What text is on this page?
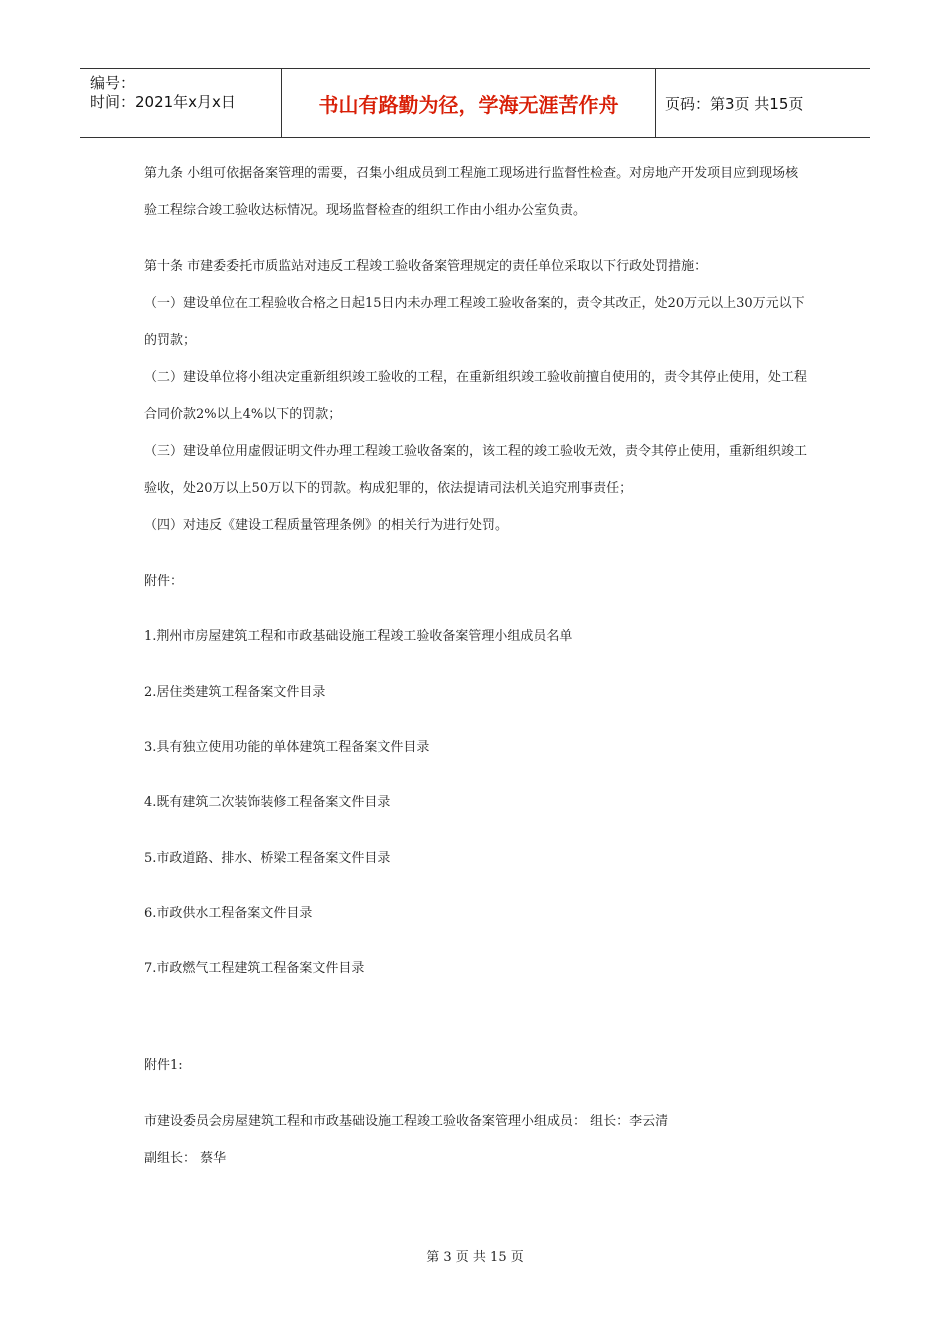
编号：
时间：2021年x月x日	书山有路勤为径，学海无涯苦作舟	页码：第3页 共15页
第九条 小组可依据备案管理的需要，召集小组成员到工程施工现场进行监督性检查。对房地产开发项目应到现场核验工程综合竣工验收达标情况。现场监督检查的组织工作由小组办公室负责。
第十条 市建委委托市质监站对违反工程竣工验收备案管理规定的责任单位采取以下行政处罚措施：
（一）建设单位在工程验收合格之日起15日内未办理工程竣工验收备案的，责令其改正，处20万元以上30万元以下的罚款；
（二）建设单位将小组决定重新组织竣工验收的工程，在重新组织竣工验收前擅自使用的，责令其停止使用，处工程合同价款2%以上4%以下的罚款；
（三）建设单位用虚假证明文件办理工程竣工验收备案的，该工程的竣工验收无效，责令其停止使用，重新组织竣工验收，处20万以上50万以下的罚款。构成犯罪的，依法提请司法机关追究刑事责任；
（四）对违反《建设工程质量管理条例》的相关行为进行处罚。
附件：
1.荆州市房屋建筑工程和市政基础设施工程竣工验收备案管理小组成员名单
2.居住类建筑工程备案文件目录
3.具有独立使用功能的单体建筑工程备案文件目录
4.既有建筑二次装饰装修工程备案文件目录
5.市政道路、排水、桥梁工程备案文件目录
6.市政供水工程备案文件目录
7.市政燃气工程建筑工程备案文件目录
附件1:
市建设委员会房屋建筑工程和市政基础设施工程竣工验收备案管理小组成员： 组长：李云清
副组长： 蔡华
第 3 页 共 15 页
